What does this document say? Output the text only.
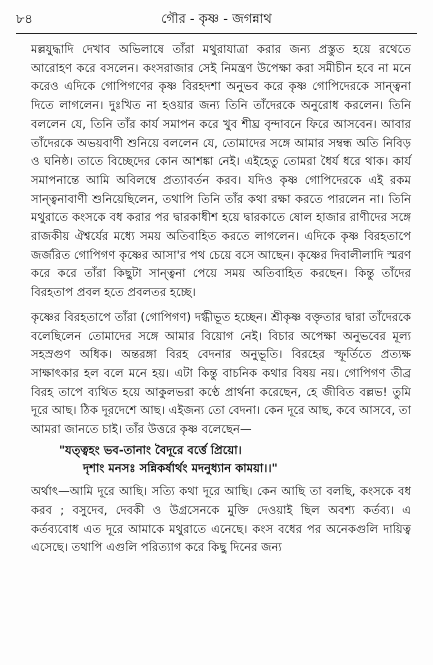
৮৪	গৌর - কৃষ্ণ - জগন্নাথ

মল্লযুদ্ধাদি দেখাব অভিলাষে তাঁরা মথুরাযাত্রা করার জন্য প্রস্তুত হয়ে রথেতে আরোহণ করে বসলেন। কংসরাজার সেই নিমন্ত্রণ উপেক্ষা করা সমীচীন হবে না মনে করেও এদিকে গোপিগণের কৃষ্ণ বিরহদশা অনুভব করে কৃষ্ণ গোপিদেরকে সান্ত্বনা দিতে লাগলেন। দুঃখিত না হওয়ার জন্য তিনি তাঁদেরকে অনুরোধ করলেন। তিনি বললেন যে, তিনি তাঁর কার্য সমাপন করে খুব শীঘ্র বৃন্দাবনে ফিরে আসবেন। আবার তাঁদেরকে অভয়বাণী শুনিয়ে বললেন যে, তোমাদের সঙ্গে আমার সম্বন্ধ অতি নিবিড় ও ঘনিষ্ঠ। তাতে বিচ্ছেদের কোন আশঙ্কা নেই। এইহেতু তোমরা ধৈর্য ধরে থাক। কার্য সমাপনান্তে আমি অবিলম্বে প্রত্যাবর্তন করব। যদিও কৃষ্ণ গোপিদেরকে এই রকম সান্ত্বনাবাণী শুনিয়েছিলেন, তথাপি তিনি তাঁর কথা রক্ষা করতে পারলেন না। তিনি মথুরাতে কংসকে বধ করার পর দ্বারকাধীশ হয়ে দ্বারকাতে ষোল হাজার রাণীদের সঙ্গে রাজকীয় ঐশ্বর্যের মধ্যে সময় অতিবাহিত করতে লাগলেন। এদিকে কৃষ্ণ বিরহতাপে জর্জরিত গোপিগণ কৃষ্ণের আসা'র পথ চেয়ে বসে আছেন। কৃষ্ণের দিবালীলাদি স্মরণ করে করে তাঁরা কিছুটা সান্ত্বনা পেয়ে সময় অতিবাহিত করছেন। কিন্তু তাঁদের বিরহতাপ প্রবল হতে প্রবলতর হচ্ছে।

কৃষ্ণের বিরহতাপে তাঁরা (গোপিগণ) দগ্ধীভূত হচ্ছেন। শ্রীকৃষ্ণ বক্তৃতার দ্বারা তাঁদেরকে বলেছিলেন তোমাদের সঙ্গে আমার বিয়োগ নেই। বিচার অপেক্ষা অনুভবের মূল্য সহস্রগুণ অধিক। অন্তরঙ্গা বিরহ বেদনার অনুভূতি। বিরহের স্ফূর্তিতে প্রত্যক্ষ সাক্ষাৎকার হল বলে মনে হয়। এটা কিন্তু বাচনিক কথার বিষয় নয়। গোপিগণ তীব্র বিরহ তাপে ব্যথিত হয়ে আকুলভরা কণ্ঠে প্রার্থনা করেছেন, হে জীবিত বল্লভ! তুমি দূরে আছ। ঠিক দূরদেশে আছ। এইজন্য তো বেদনা। কেন দূরে আছ, কবে আসবে, তা আমরা জানতে চাই। তাঁর উত্তরে কৃষ্ণ বলেছেন—

"যত্ত্বহং ভব-তানাং বৈদূরে বর্ত্তে প্রিয়ো।
দৃশাং মনসঃ সন্নিকর্ষার্থং মদনুধ্যান কাময়া।।"

অর্থাৎ—আমি দূরে আছি। সত্যি কথা দূরে আছি। কেন আছি তা বলছি, কংসকে বধ করব ; বসুদেব, দেবকী ও উগ্রসেনকে মুক্তি দেওয়াই ছিল অবশ্য কর্তব্য। এ কর্তব্যবোধ এত দূরে আমাকে মথুরাতে এনেছে। কংস বধের পর অনেকগুলি দায়িত্ব এসেছে। তথাপি এগুলি পরিত্যাগ করে কিছু দিনের জন্য
